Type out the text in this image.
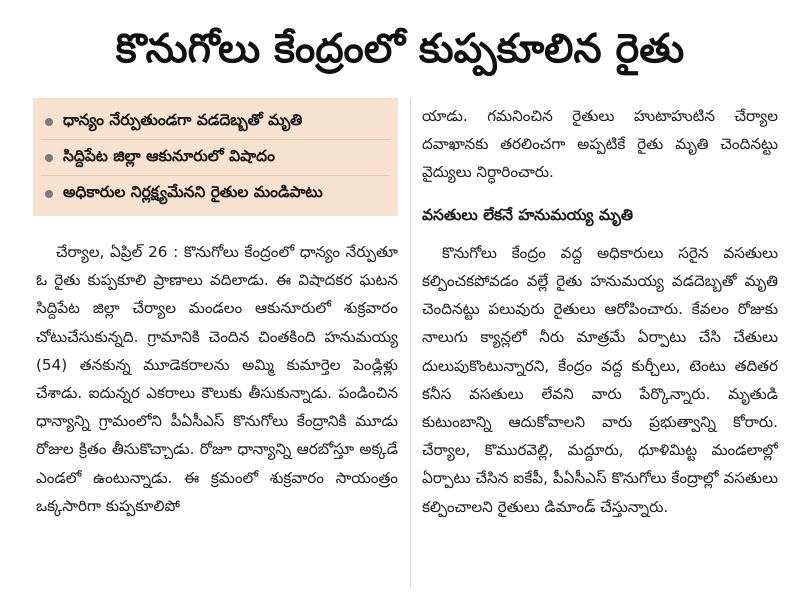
కొనుగోలు కేంద్రంలో కుప్పకూలిన రైతు
ధాన్యం నేర్పుతుండగా వడదెబ్బతో మృతి
సిద్దిపేట జిల్లా ఆకునూరులో విషాదం
అధికారుల నిర్లక్ష్యమేనని రైతుల మండిపాటు

చేర్యాల, ఏప్రిల్ 26 : కొనుగోలు కేంద్రంలో ధాన్యం నేర్పుతూ ఓ రైతు కుప్పకూలి ప్రాణాలు వదిలాడు. ఈ విషాదకర ఘటన సిద్దిపేట జిల్లా చేర్యాల మండలం ఆకునూరులో శుక్రవారం చోటుచేసుకున్నది. గ్రామానికి చెందిన చింతకింది హనుమయ్య (54) తనకున్న మూడెకరాలను అమ్మి కుమార్తెల పెండ్లిళ్లు చేశాడు. ఐదున్నర ఎకరాలు కౌలుకు తీసుకున్నాడు. పండించిన ధాన్యాన్ని గ్రామంలోని పీఏసీఎస్ కొనుగోలు కేంద్రానికి మూడు రోజుల క్రితం తీసుకొచ్చాడు. రోజూ ధాన్యాన్ని ఆరబోస్తూ అక్కడే ఎండలో ఉంటున్నాడు. ఈ క్రమంలో శుక్రవారం సాయంత్రం ఒక్కసారిగా కుప్పకూలిపో

యాడు. గమనించిన రైతులు హుటాహుటిన చేర్యాల దవాఖానకు తరలించగా అప్పటికే రైతు మృతి చెందినట్టు వైద్యులు నిర్ధారించారు.

వసతులు లేకనే హనుమయ్య మృతి

కొనుగోలు కేంద్రం వద్ద అధికారులు సరైన వసతులు కల్పించకపోవడం వల్లే రైతు హనుమయ్య వడదెబ్బతో మృతి చెందినట్టు పలువురు రైతులు ఆరోపించారు. కేవలం రోజుకు నాలుగు క్యాన్లలో నీరు మాత్రమే ఏర్పాటు చేసి చేతులు దులుపుకొంటున్నారని, కేంద్రం వద్ద కుర్చీలు, టెంటు తదితర కనీస వసతులు లేవని వారు పేర్కొన్నారు. మృతుడి కుటుంబాన్ని ఆదుకోవాలని వారు ప్రభుత్వాన్ని కోరారు. చేర్యాల, కొమురవెల్లి, మద్దూరు, ధూళిమిట్ట మండలాల్లో ఏర్పాటు చేసిన ఐకేపీ, పీఏసీఎస్ కొనుగోలు కేంద్రాల్లో వసతులు కల్పించాలని రైతులు డిమాండ్ చేస్తున్నారు.
